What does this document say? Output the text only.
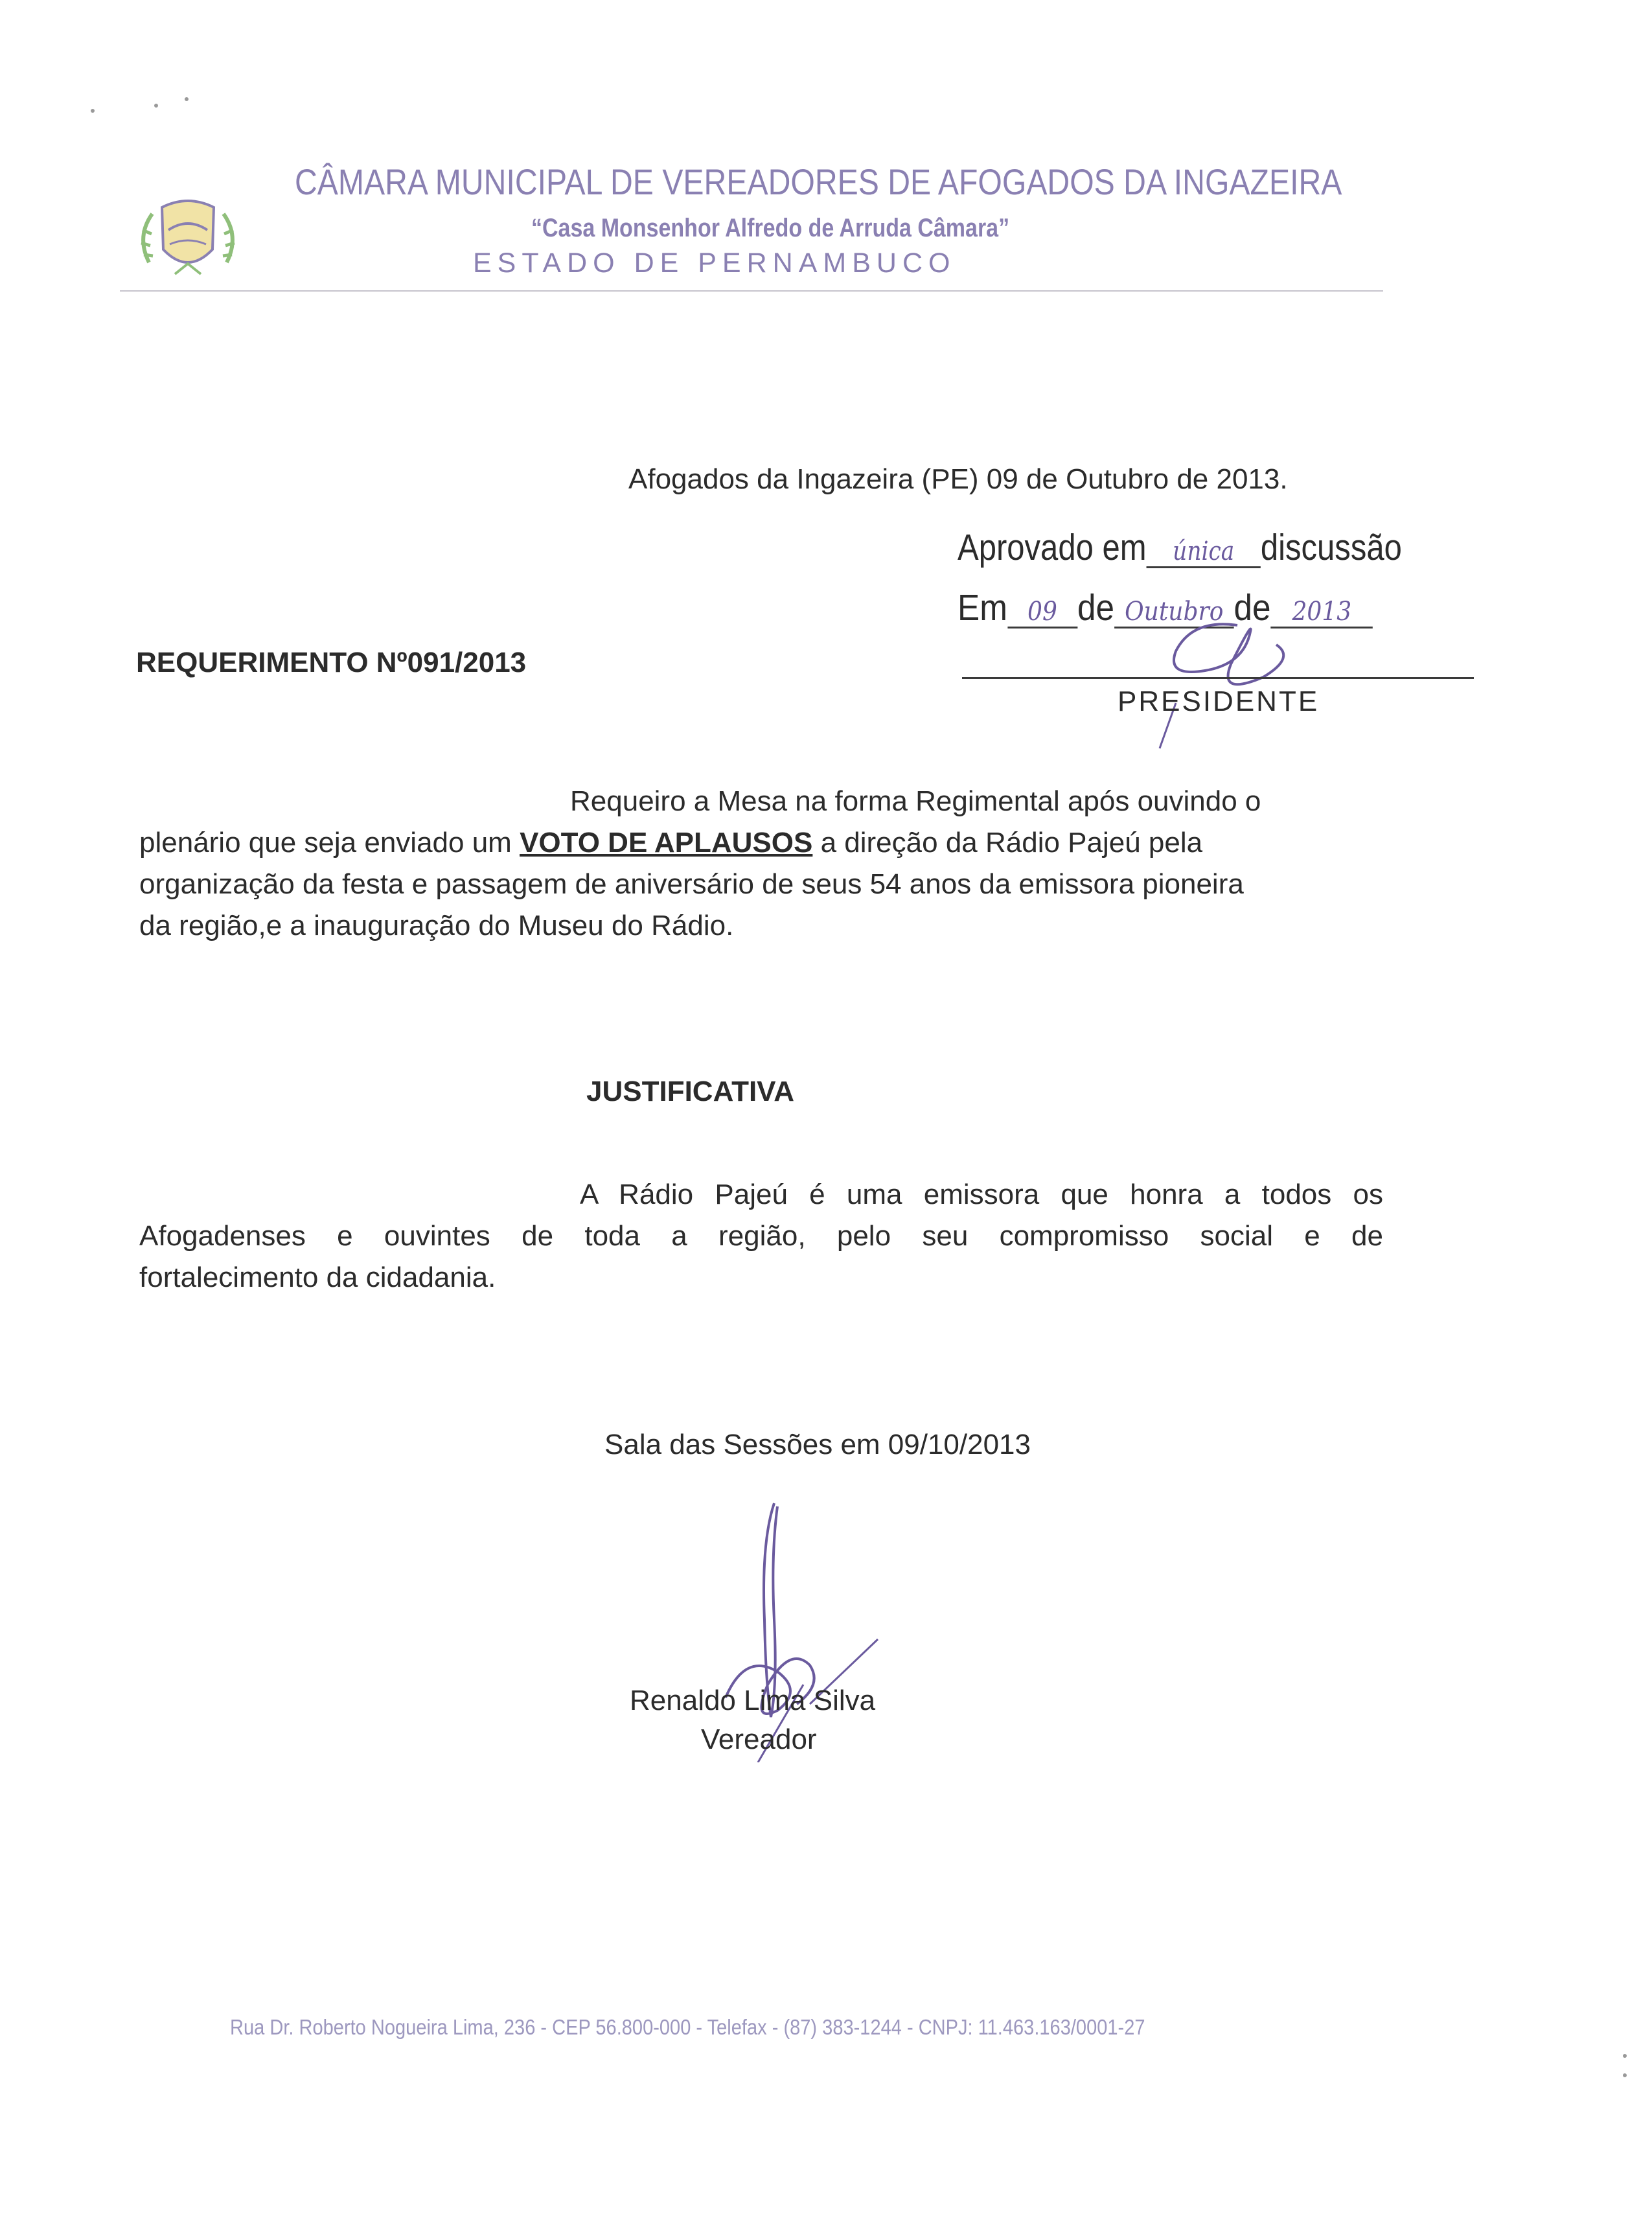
CÂMARA MUNICIPAL DE VEREADORES DE AFOGADOS DA INGAZEIRA
“Casa Monsenhor Alfredo de Arruda Câmara”
ESTADO DE PERNAMBUCO
Afogados da Ingazeira (PE) 09 de Outubro de 2013.
Aprovado em única discussão
Em 09 de Outubro de 2013
PRESIDENTE
REQUERIMENTO Nº091/2013
Requeiro a Mesa na forma Regimental após ouvindo o
plenário que seja enviado um VOTO DE APLAUSOS a direção da Rádio Pajeú pela
organização da festa e passagem de aniversário de seus 54 anos da emissora pioneira
da região,e a inauguração do Museu do Rádio.
JUSTIFICATIVA
A Rádio Pajeú é uma emissora que honra a todos os
Afogadenses e ouvintes de toda a região, pelo seu compromisso social e de
fortalecimento da cidadania.
Sala das Sessões em 09/10/2013
Renaldo Lima Silva
Vereador
Rua Dr. Roberto Nogueira Lima, 236 - CEP 56.800-000 - Telefax - (87) 383-1244 - CNPJ: 11.463.163/0001-27
